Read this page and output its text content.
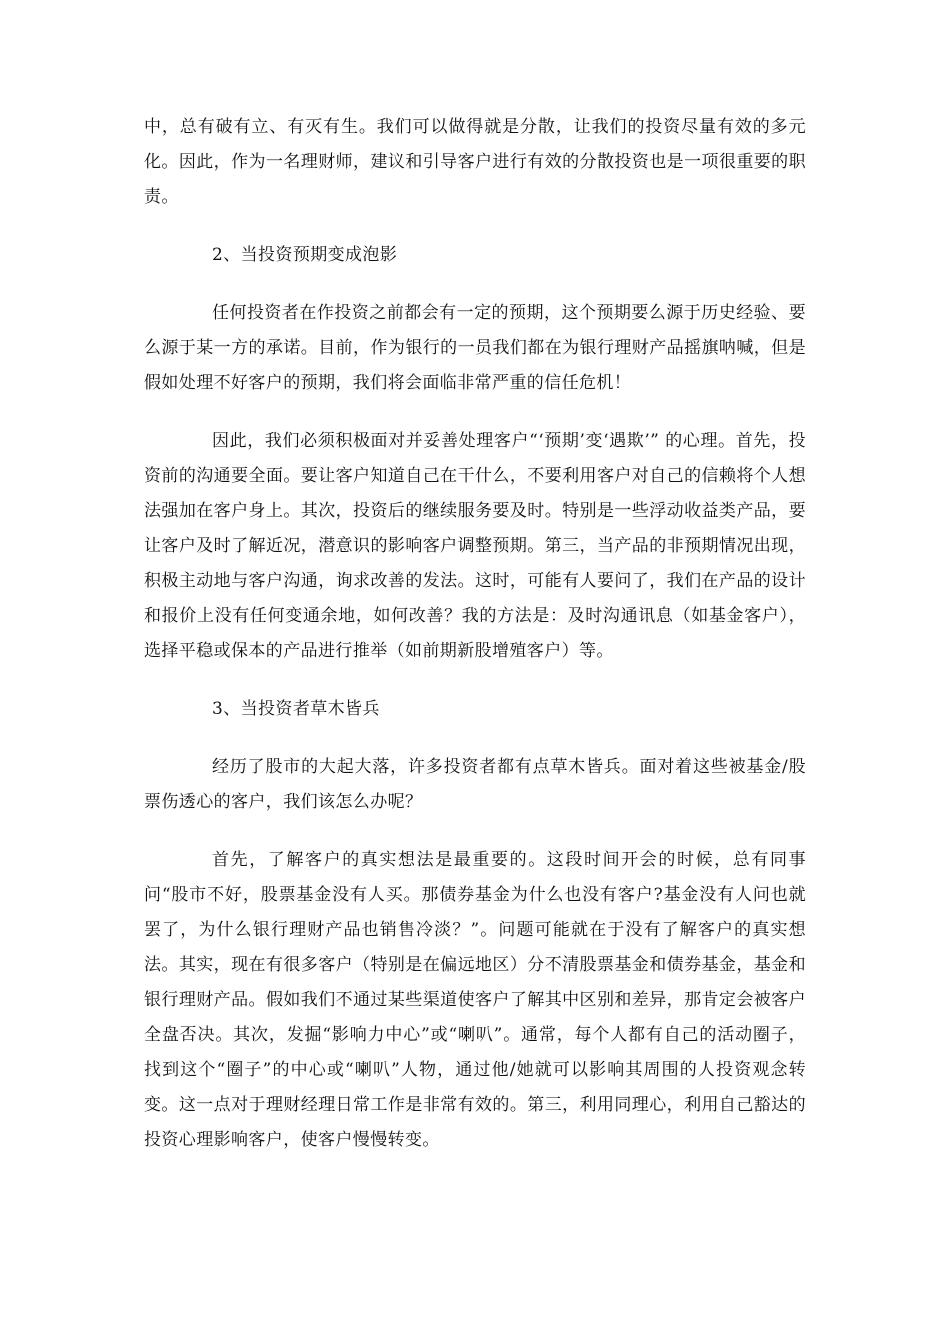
中，总有破有立、有灭有生。我们可以做得就是分散，让我们的投资尽量有效的多元化。因此，作为一名理财师，建议和引导客户进行有效的分散投资也是一项很重要的职责。

2、当投资预期变成泡影

任何投资者在作投资之前都会有一定的预期，这个预期要么源于历史经验、要么源于某一方的承诺。目前，作为银行的一员我们都在为银行理财产品摇旗呐喊，但是假如处理不好客户的预期，我们将会面临非常严重的信任危机！

因此，我们必须积极面对并妥善处理客户“‘预期’变‘遇欺’” 的心理。首先，投资前的沟通要全面。要让客户知道自己在干什么，不要利用客户对自己的信赖将个人想法强加在客户身上。其次，投资后的继续服务要及时。特别是一些浮动收益类产品，要让客户及时了解近况，潜意识的影响客户调整预期。第三，当产品的非预期情况出现，积极主动地与客户沟通，询求改善的发法。这时，可能有人要问了，我们在产品的设计和报价上没有任何变通余地，如何改善？我的方法是：及时沟通讯息（如基金客户），选择平稳或保本的产品进行推举（如前期新股增殖客户）等。

3、当投资者草木皆兵

经历了股市的大起大落，许多投资者都有点草木皆兵。面对着这些被基金/股票伤透心的客户，我们该怎么办呢？

首先，了解客户的真实想法是最重要的。这段时间开会的时候，总有同事问“股市不好，股票基金没有人买。那债券基金为什么也没有客户?基金没有人问也就罢了，为什么银行理财产品也销售冷淡？”。问题可能就在于没有了解客户的真实想法。其实，现在有很多客户（特别是在偏远地区）分不清股票基金和债券基金，基金和银行理财产品。假如我们不通过某些渠道使客户了解其中区别和差异，那肯定会被客户全盘否决。其次，发掘“影响力中心”或“喇叭”。通常，每个人都有自己的活动圈子，找到这个“圈子”的中心或“喇叭”人物，通过他/她就可以影响其周围的人投资观念转变。这一点对于理财经理日常工作是非常有效的。第三，利用同理心，利用自己豁达的投资心理影响客户，使客户慢慢转变。
